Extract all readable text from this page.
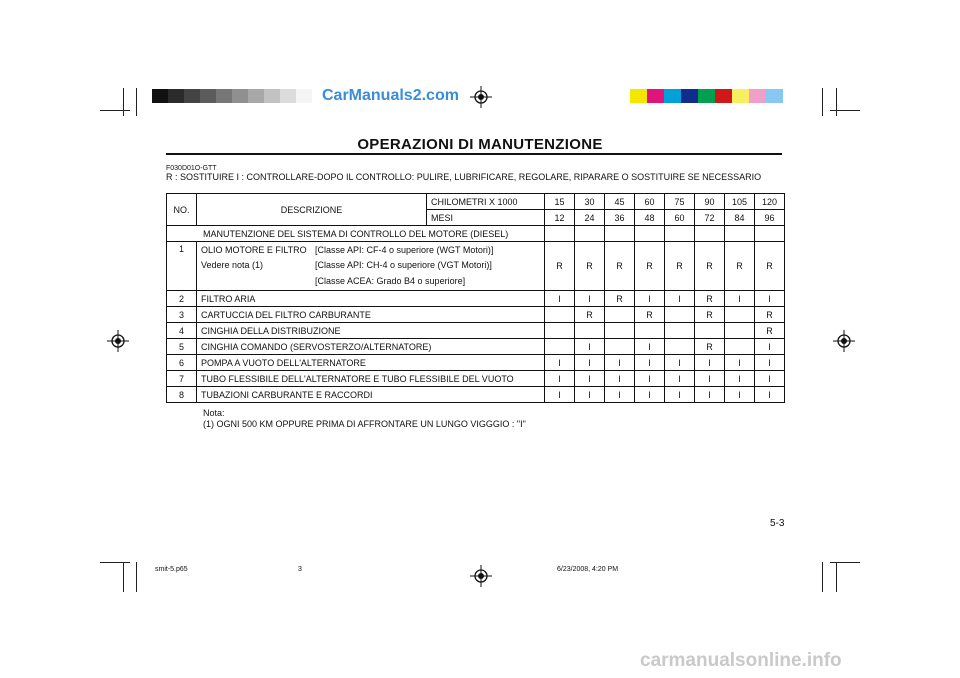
CarManuals2.com
OPERAZIONI DI MANUTENZIONE
F030D01O-GTT
R : SOSTITUIRE I : CONTROLLARE-DOPO IL CONTROLLO: PULIRE, LUBRIFICARE, REGOLARE, RIPARARE O SOSTITUIRE SE NECESSARIO
NO.	DESCRIZIONE	CHILOMETRI X 1000	15	30	45	60	75	90	105	120
		MESI	12	24	36	48	60	72	84	96
MANUTENZIONE DEL SISTEMA DI CONTROLLO DEL MOTORE (DIESEL)										
1	OLIO MOTORE E FILTRO [Classe API: CF-4 o superiore (WGT Motori)]
Vedere nota (1) [Classe API: CH-4 o superiore (VGT Motori)]
[Classe ACEA: Grado B4 o superiore]		R	R	R	R	R	R	R	R
2	FILTRO ARIA		I	I	R	I	I	R	I	I
3	CARTUCCIA DEL FILTRO CARBURANTE			R		R		R		R
4	CINGHIA DELLA DISTRIBUZIONE									R
5	CINGHIA COMANDO (SERVOSTERZO/ALTERNATORE)			I		I		R		I
6	POMPA A VUOTO DELL'ALTERNATORE		I	I	I	I	I	I	I	I
7	TUBO FLESSIBILE DELL'ALTERNATORE E TUBO FLESSIBILE DEL VUOTO		I	I	I	I	I	I	I	I
8	TUBAZIONI CARBURANTE E RACCORDI		I	I	I	I	I	I	I	I
Nota:
(1) OGNI 500 KM OPPURE PRIMA DI AFFRONTARE UN LUNGO VIGGGIO : "I"
5-3
smit-5.p65	3	6/23/2008, 4:20 PM
carmanualsonline.info
